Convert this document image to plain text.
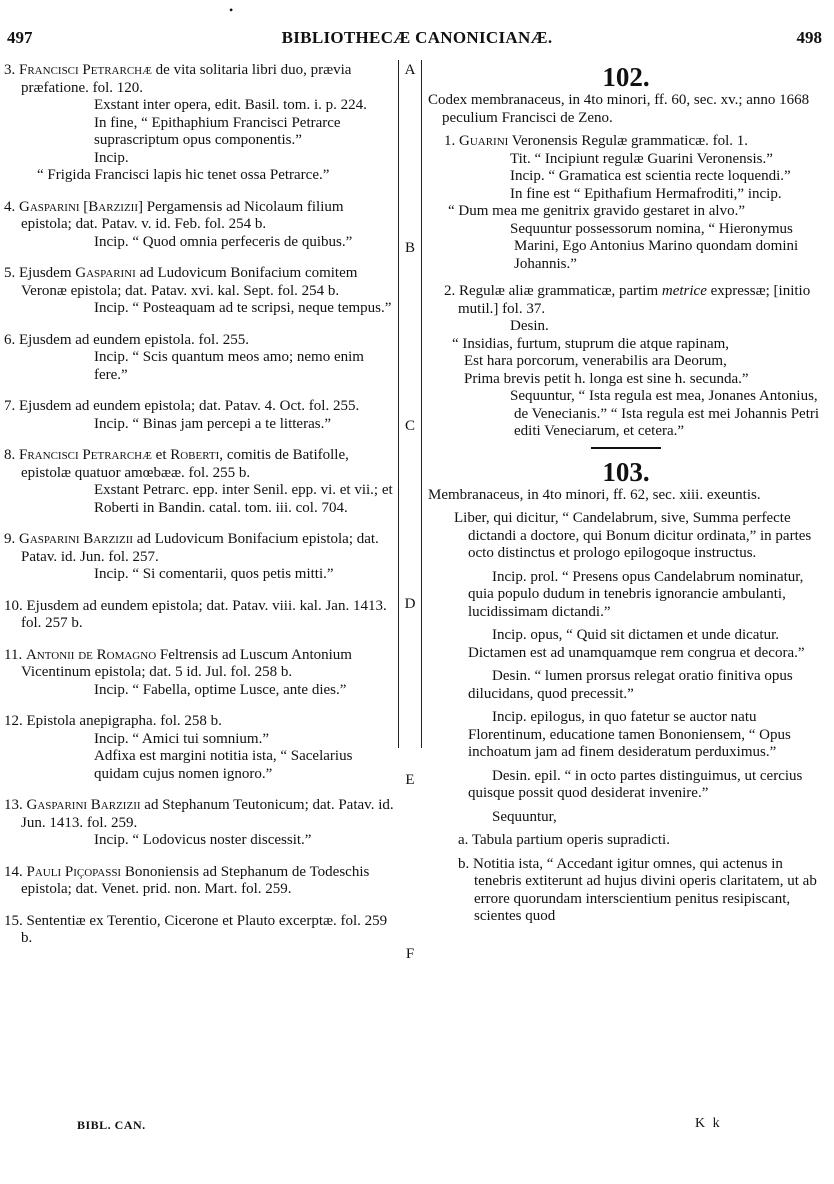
•
497	BIBLIOTHECÆ CANONICIANÆ.	498
A
B
C
D
E
F
3. Francisci Petrarchæ de vita solitaria libri duo, prævia præfatione. fol. 120.
Exstant inter opera, edit. Basil. tom. i. p. 224.
In fine, “ Epithaphium Francisci Petrarce suprascriptum opus componentis.”
Incip.
“ Frigida Francisci lapis hic tenet ossa Petrarce.”
4. Gasparini [Barzizii] Pergamensis ad Nicolaum filium epistola; dat. Patav. v. id. Feb. fol. 254 b.
Incip. “ Quod omnia perfeceris de quibus.”
5. Ejusdem Gasparini ad Ludovicum Bonifacium comitem Veronæ epistola; dat. Patav. xvi. kal. Sept. fol. 254 b.
Incip. “ Posteaquam ad te scripsi, neque tempus.”
6. Ejusdem ad eundem epistola. fol. 255.
Incip. “ Scis quantum meos amo; nemo enim fere.”
7. Ejusdem ad eundem epistola; dat. Patav. 4. Oct. fol. 255.
Incip. “ Binas jam percepi a te litteras.”
8. Francisci Petrarchæ et Roberti, comitis de Batifolle, epistolæ quatuor amœbææ. fol. 255 b.
Exstant Petrarc. epp. inter Senil. epp. vi. et vii.; et Roberti in Bandin. catal. tom. iii. col. 704.
9. Gasparini Barzizii ad Ludovicum Bonifacium epistola; dat. Patav. id. Jun. fol. 257.
Incip. “ Si comentarii, quos petis mitti.”
10. Ejusdem ad eundem epistola; dat. Patav. viii. kal. Jan. 1413. fol. 257 b.
11. Antonii de Romagno Feltrensis ad Luscum Antonium Vicentinum epistola; dat. 5 id. Jul. fol. 258 b.
Incip. “ Fabella, optime Lusce, ante dies.”
12. Epistola anepigrapha. fol. 258 b.
Incip. “ Amici tui somnium.”
Adfixa est margini notitia ista, “ Sacelarius quidam cujus nomen ignoro.”
13. Gasparini Barzizii ad Stephanum Teutonicum; dat. Patav. id. Jun. 1413. fol. 259.
Incip. “ Lodovicus noster discessit.”
14. Pauli Piçopassi Bononiensis ad Stephanum de Todeschis epistola; dat. Venet. prid. non. Mart. fol. 259.
15. Sententiæ ex Terentio, Cicerone et Plauto excerptæ. fol. 259 b.
102.

Codex membranaceus, in 4to minori, ff. 60, sec. xv.; anno 1668 peculium Francisci de Zeno.

1. Guarini Veronensis Regulæ grammaticæ. fol. 1.
Tit. “ Incipiunt regulæ Guarini Veronensis.”
Incip. “ Gramatica est scientia recte loquendi.”
In fine est “ Epithafium Hermafroditi,” incip.
“ Dum mea me genitrix gravido gestaret in alvo.”
Sequuntur possessorum nomina, “ Hieronymus Marini, Ego Antonius Marino quondam domini Johannis.”
2. Regulæ aliæ grammaticæ, partim metrice expressæ; [initio mutil.] fol. 37.
Desin.
“ Insidias, furtum, stuprum die atque rapinam,
Est hara porcorum, venerabilis ara Deorum,
Prima brevis petit h. longa est sine h. secunda.”
Sequuntur, “ Ista regula est mea, Jonanes Antonius, de Venecianis.” “ Ista regula est mei Johannis Petri editi Veneciarum, et cetera.”
103.

Membranaceus, in 4to minori, ff. 62, sec. xiii. exeuntis.

Liber, qui dicitur, “ Candelabrum, sive, Summa perfecte dictandi a doctore, qui Bonum dicitur ordinata,” in partes octo distinctus et prologo epilogoque instructus.

Incip. prol. “ Presens opus Candelabrum nominatur, quia populo dudum in tenebris ignorancie ambulanti, lucidissimam dictandi.”

Incip. opus, “ Quid sit dictamen et unde dicatur. Dictamen est ad unamquamque rem congrua et decora.”

Desin. “ lumen prorsus relegat oratio finitiva opus dilucidans, quod precessit.”

Incip. epilogus, in quo fatetur se auctor natu Florentinum, educatione tamen Bononiensem, “ Opus inchoatum jam ad finem desideratum perduximus.”

Desin. epil. “ in octo partes distinguimus, ut cercius quisque possit quod desiderat invenire.”

Sequuntur,

a. Tabula partium operis supradicti.

b. Notitia ista, “ Accedant igitur omnes, qui actenus in tenebris extiterunt ad hujus divini operis claritatem, ut ab errore quorundam interscientium penitus resipiscant, scientes quod

BIBL. CAN.	K k
